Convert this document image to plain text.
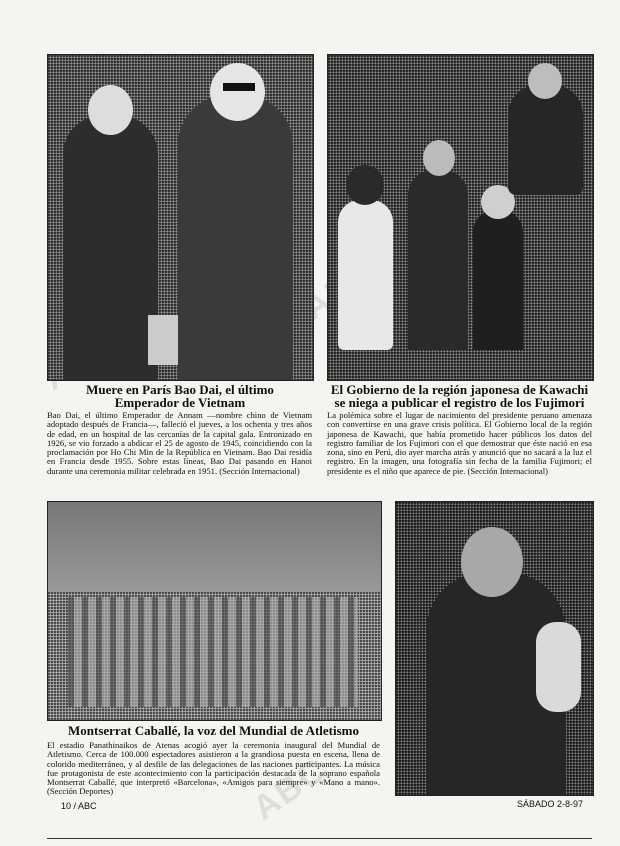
ABC
Muere en París Bao Dai, el último Emperador de Vietnam

Bao Dai, el último Emperador de Annam —nombre chino de Vietnam adoptado después de Francia—, falleció el jueves, a los ochenta y tres años de edad, en un hospital de las cercanías de la capital gala. Entronizado en 1926, se vio forzado a abdicar el 25 de agosto de 1945, coincidiendo con la proclamación por Ho Chi Min de la República en Vietnam. Bao Dai residía en Francia desde 1955. Sobre estas líneas, Bao Dai pasando en Hanoi durante una ceremonia militar celebrada en 1951. (Sección Internacional)

El Gobierno de la región japonesa de Kawachi se niega a publicar el registro de los Fujimori

La polémica sobre el lugar de nacimiento del presidente peruano amenaza con convertirse en una grave crisis política. El Gobierno local de la región japonesa de Kawachi, que había prometido hacer públicos los datos del registro familiar de los Fujimori con el que demostrar que éste nació en esa zona, sino en Perú, dio ayer marcha atrás y anunció que no sacará a la luz el registro. En la imagen, una fotografía sin fecha de la familia Fujimori; el presidente es el niño que aparece de pie. (Sección Internacional)

Montserrat Caballé, la voz del Mundial de Atletismo

El estadio Panathinaikos de Atenas acogió ayer la ceremonia inaugural del Mundial de Atletismo. Cerca de 100.000 espectadores asistieron a la grandiosa puesta en escena, llena de colorido mediterráneo, y al desfile de las delegaciones de las naciones participantes. La música fue protagonista de este acontecimiento con la participación destacada de la soprano española Montserrat Caballé, que interpretó «Barcelona», «Amigos para siempre» y «Mano a mano». (Sección Deportes)

10 / ABC	SÁBADO 2-8-97
